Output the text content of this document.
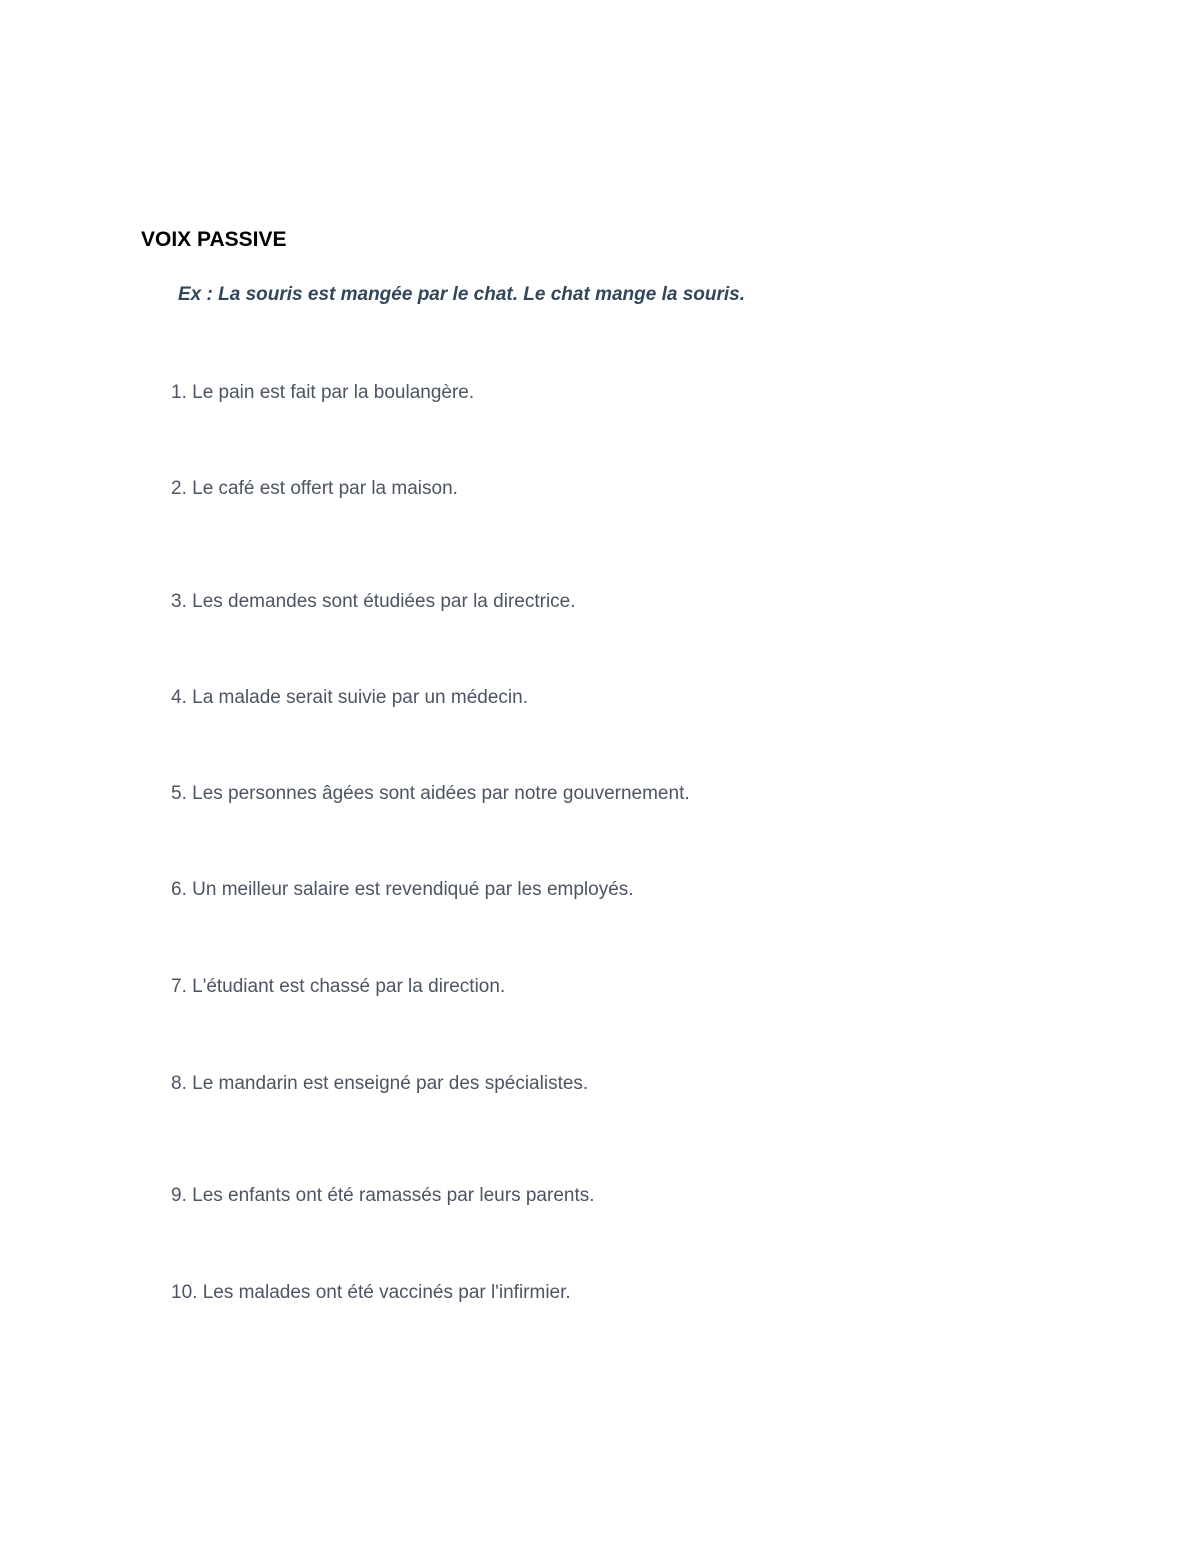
VOIX PASSIVE
Ex : La souris est mangée par le chat. Le chat mange la souris.
1. Le pain est fait par la boulangère.
2. Le café est offert par la maison.
3. Les demandes sont étudiées par la directrice.
4. La malade serait suivie par un médecin.
5. Les personnes âgées sont aidées par notre gouvernement.
6. Un meilleur salaire est revendiqué par les employés.
7. L'étudiant est chassé par la direction.
8. Le mandarin est enseigné par des spécialistes.
9. Les enfants ont été ramassés par leurs parents.
10. Les malades ont été vaccinés par l'infirmier.
